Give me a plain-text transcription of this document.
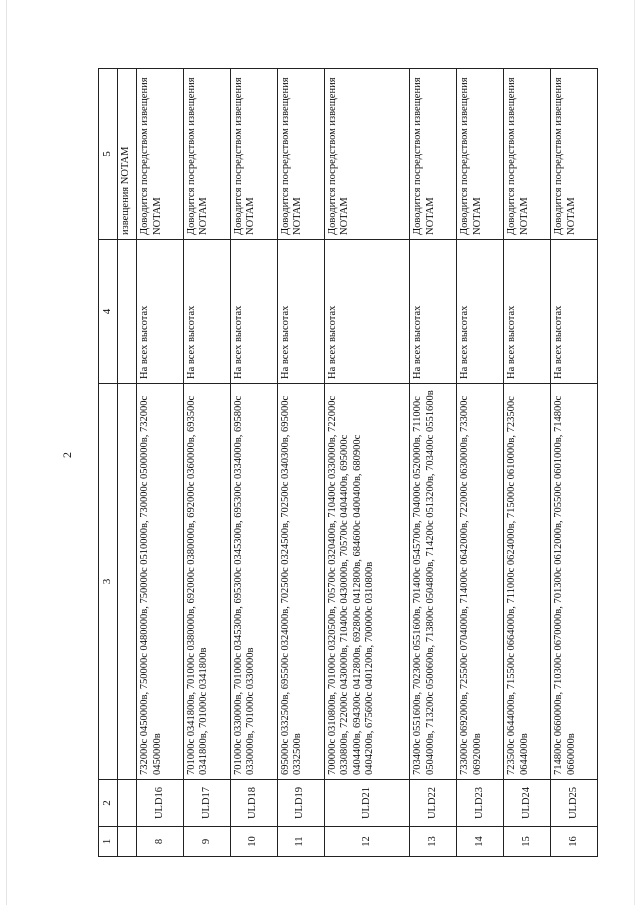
2
1	2	3	4	5
				извещения NOTAM
8	ULD16	732000с 0450000в, 750000с 0480000в, 750000с 0510000в, 730000с 0500000в, 732000с 0450000в	На всех высотах	Доводится посредством извещения NOTAM
9	ULD17	701000с 0341800в, 701000с 0380000в, 692000с 0380000в, 692000с 0360000в, 693500с 0341800в, 701000с 0341800в	На всех высотах	Доводится посредством извещения NOTAM
10	ULD18	701000с 0330000в, 701000с 0345300в, 695300с 0345300в, 695300с 0334000в, 695800с 0330000в, 701000с 0330000в	На всех высотах	Доводится посредством извещения NOTAM
11	ULD19	695000с 0332500в, 695500с 0324000в, 702500с 0324500в, 702500с 0340300в, 695000с 0332500в	На всех высотах	Доводится посредством извещения NOTAM
12	ULD21	700000с 0310800в, 701000с 0320500в, 705700с 0320400в, 710400с 0330000в, 722000с 0330800в, 722000с 0430000в, 710400с 0430000в, 705700с 0404400в, 695000с 0404400в, 694300с 0412800в, 692800с 0412800в, 684600с 0400400в, 680900с 0404200в, 675600с 0401200в, 700000с 0310800в	На всех высотах	Доводится посредством извещения NOTAM
13	ULD22	703400с 0551600в, 702300с 0551600в, 701400с 0545700в, 704000с 0520000в, 711000с 0504000в, 713200с 0500600в, 713800с 0504800в, 714200с 0513200в, 703400с 0551600в	На всех высотах	Доводится посредством извещения NOTAM
14	ULD23	733000с 0692000в, 725500с 0704000в, 714000с 0642000в, 722000с 0630000в, 733000с 0692000в	На всех высотах	Доводится посредством извещения NOTAM
15	ULD24	723500с 0644000в, 715500с 0664000в, 711000с 0624000в, 715000с 0610000в, 723500с 0644000в	На всех высотах	Доводится посредством извещения NOTAM
16	ULD25	714800с 0660000в, 710300с 0670000в, 701300с 0612000в, 705500с 0601000в, 714800с 0660000в	На всех высотах	Доводится посредством извещения NOTAM
